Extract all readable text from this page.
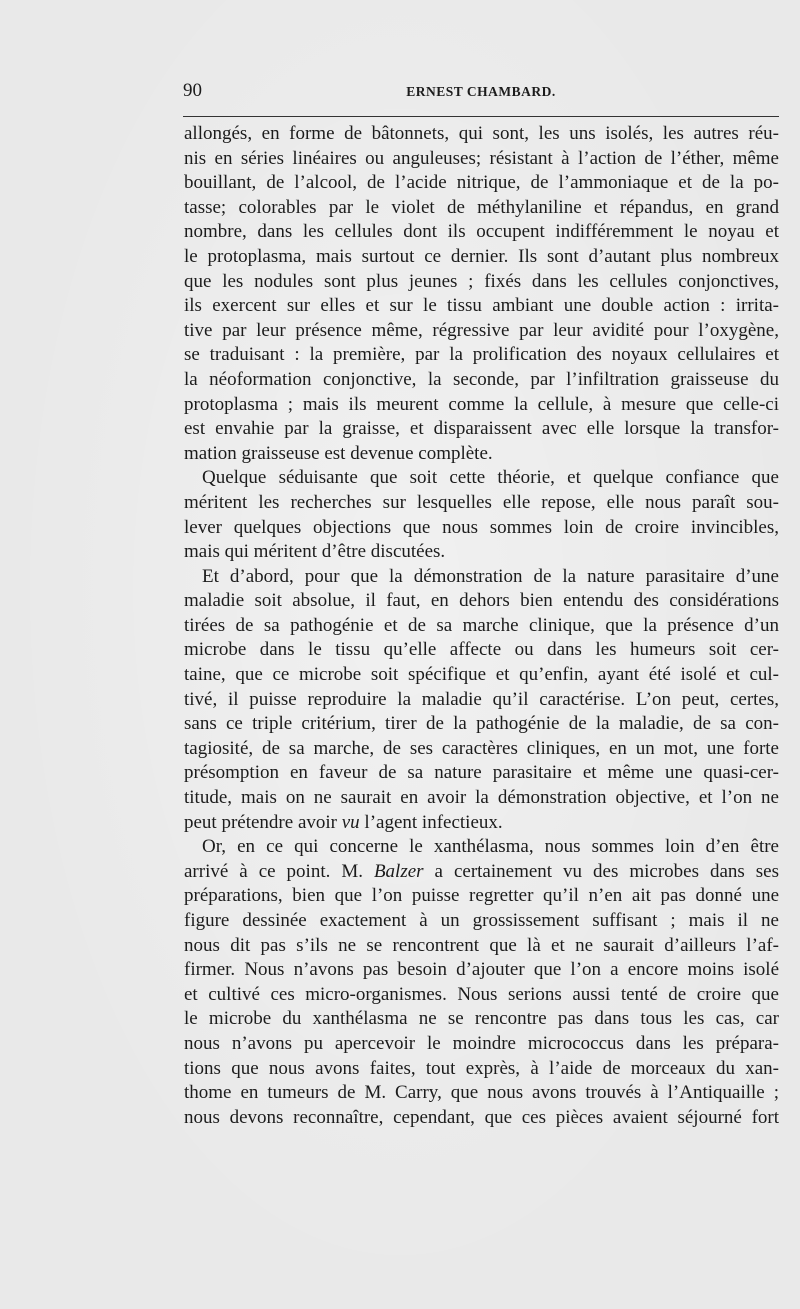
90	ERNEST CHAMBARD.
allongés, en forme de bâtonnets, qui sont, les uns isolés, les autres réu-
nis en séries linéaires ou anguleuses; résistant à l’action de l’éther, même
bouillant, de l’alcool, de l’acide nitrique, de l’ammoniaque et de la po-
tasse; colorables par le violet de méthylaniline et répandus, en grand
nombre, dans les cellules dont ils occupent indifféremment le noyau et
le protoplasma, mais surtout ce dernier. Ils sont d’autant plus nombreux
que les nodules sont plus jeunes ; fixés dans les cellules conjonctives,
ils exercent sur elles et sur le tissu ambiant une double action : irrita-
tive par leur présence même, régressive par leur avidité pour l’oxygène,
se traduisant : la première, par la prolification des noyaux cellulaires et
la néoformation conjonctive, la seconde, par l’infiltration graisseuse du
protoplasma ; mais ils meurent comme la cellule, à mesure que celle-ci
est envahie par la graisse, et disparaissent avec elle lorsque la transfor-
mation graisseuse est devenue complète.
Quelque séduisante que soit cette théorie, et quelque confiance que
méritent les recherches sur lesquelles elle repose, elle nous paraît sou-
lever quelques objections que nous sommes loin de croire invincibles,
mais qui méritent d’être discutées.
Et d’abord, pour que la démonstration de la nature parasitaire d’une
maladie soit absolue, il faut, en dehors bien entendu des considérations
tirées de sa pathogénie et de sa marche clinique, que la présence d’un
microbe dans le tissu qu’elle affecte ou dans les humeurs soit cer-
taine, que ce microbe soit spécifique et qu’enfin, ayant été isolé et cul-
tivé, il puisse reproduire la maladie qu’il caractérise. L’on peut, certes,
sans ce triple critérium, tirer de la pathogénie de la maladie, de sa con-
tagiosité, de sa marche, de ses caractères cliniques, en un mot, une forte
présomption en faveur de sa nature parasitaire et même une quasi-cer-
titude, mais on ne saurait en avoir la démonstration objective, et l’on ne
peut prétendre avoir vu l’agent infectieux.
Or, en ce qui concerne le xanthélasma, nous sommes loin d’en être
arrivé à ce point. M. Balzer a certainement vu des microbes dans ses
préparations, bien que l’on puisse regretter qu’il n’en ait pas donné une
figure dessinée exactement à un grossissement suffisant ; mais il ne
nous dit pas s’ils ne se rencontrent que là et ne saurait d’ailleurs l’af-
firmer. Nous n’avons pas besoin d’ajouter que l’on a encore moins isolé
et cultivé ces micro-organismes. Nous serions aussi tenté de croire que
le microbe du xanthélasma ne se rencontre pas dans tous les cas, car
nous n’avons pu apercevoir le moindre micrococcus dans les prépara-
tions que nous avons faites, tout exprès, à l’aide de morceaux du xan-
thome en tumeurs de M. Carry, que nous avons trouvés à l’Antiquaille ;
nous devons reconnaître, cependant, que ces pièces avaient séjourné fort
